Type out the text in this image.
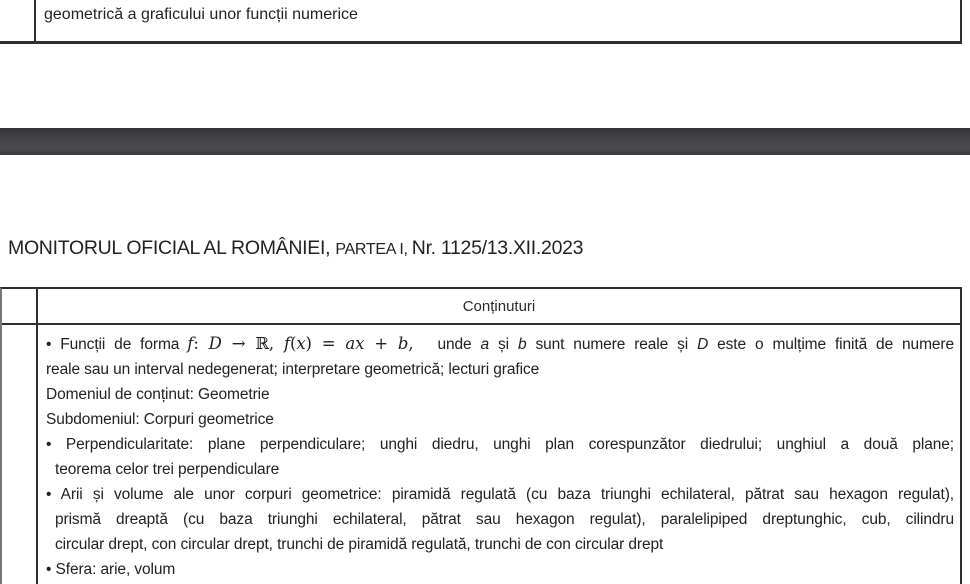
geometrică a graficului unor funcții numerice
MONITORUL OFICIAL AL ROMÂNIEI, PARTEA I, Nr. 1125/13.XII.2023
Conținuturi
• Funcții de forma f: D → ℝ, f(x) = ax + b, unde a și b sunt numere reale și D este o mulțime finită de numere
reale sau un interval nedegenerat; interpretare geometrică; lecturi grafice
Domeniul de conținut: Geometrie
Subdomeniul: Corpuri geometrice
• Perpendicularitate: plane perpendiculare; unghi diedru, unghi plan corespunzător diedrului; unghiul a două plane;
teorema celor trei perpendiculare
• Arii și volume ale unor corpuri geometrice: piramidă regulată (cu baza triunghi echilateral, pătrat sau hexagon regulat),
prismă dreaptă (cu baza triunghi echilateral, pătrat sau hexagon regulat), paralelipiped dreptunghic, cub, cilindru
circular drept, con circular drept, trunchi de piramidă regulată, trunchi de con circular drept
• Sfera: arie, volum
